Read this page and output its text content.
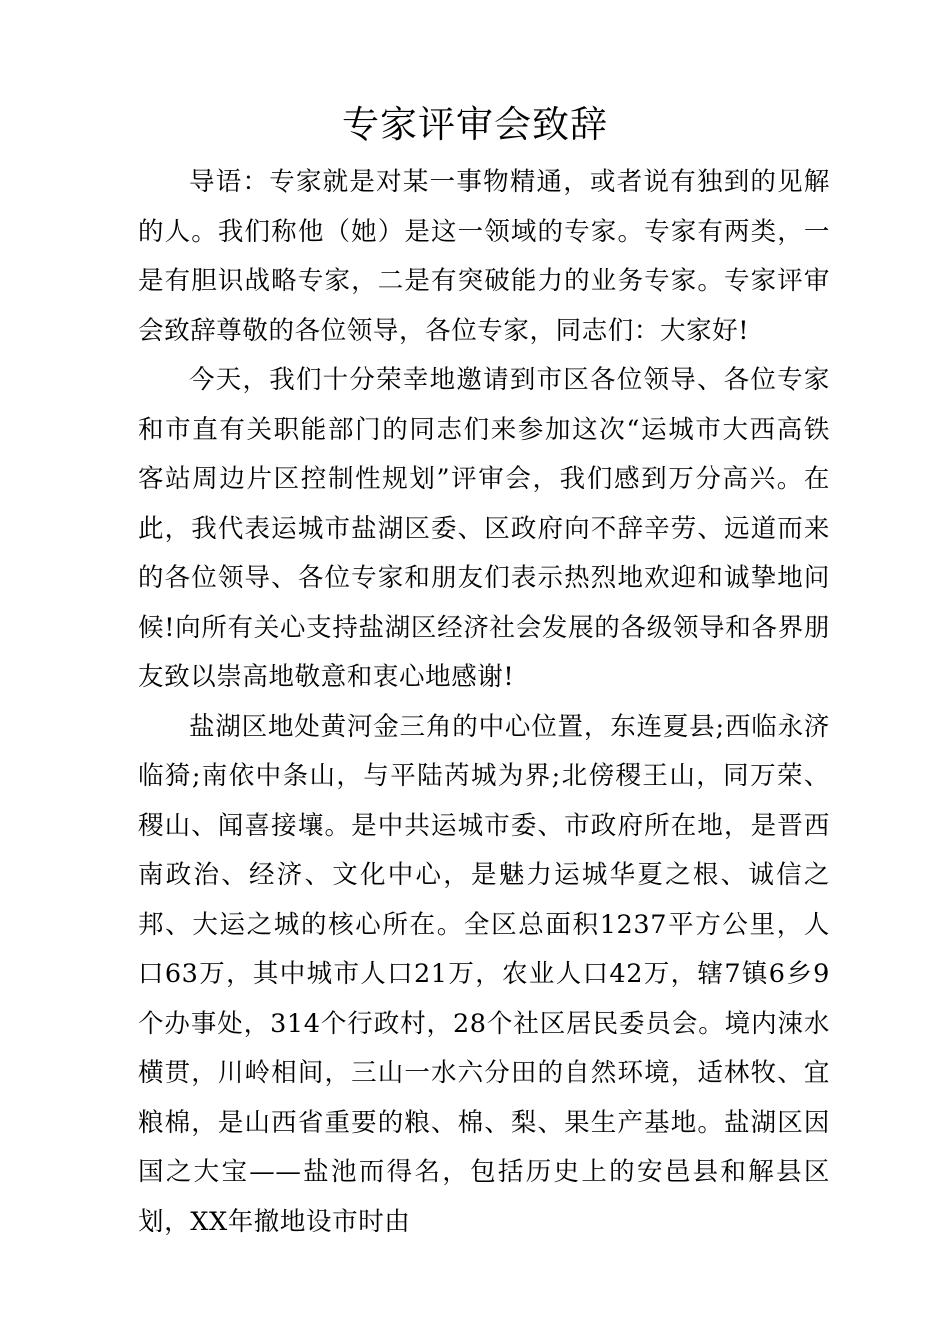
专家评审会致辞

导语：专家就是对某一事物精通，或者说有独到的见解的人。我们称他（她）是这一领域的专家。专家有两类，一是有胆识战略专家，二是有突破能力的业务专家。专家评审会致辞尊敬的各位领导，各位专家，同志们：大家好!

今天，我们十分荣幸地邀请到市区各位领导、各位专家和市直有关职能部门的同志们来参加这次“运城市大西高铁客站周边片区控制性规划”评审会，我们感到万分高兴。在此，我代表运城市盐湖区委、区政府向不辞辛劳、远道而来的各位领导、各位专家和朋友们表示热烈地欢迎和诚挚地问候!向所有关心支持盐湖区经济社会发展的各级领导和各界朋友致以崇高地敬意和衷心地感谢!

盐湖区地处黄河金三角的中心位置，东连夏县;西临永济临猗;南依中条山，与平陆芮城为界;北傍稷王山，同万荣、稷山、闻喜接壤。是中共运城市委、市政府所在地，是晋西南政治、经济、文化中心，是魅力运城华夏之根、诚信之邦、大运之城的核心所在。全区总面积1237平方公里，人口63万，其中城市人口21万，农业人口42万，辖7镇6乡9个办事处，314个行政村，28个社区居民委员会。境内涑水横贯，川岭相间，三山一水六分田的自然环境，适林牧、宜粮棉，是山西省重要的粮、棉、梨、果生产基地。盐湖区因国之大宝——盐池而得名，包括历史上的安邑县和解县区划，XX年撤地设市时由
